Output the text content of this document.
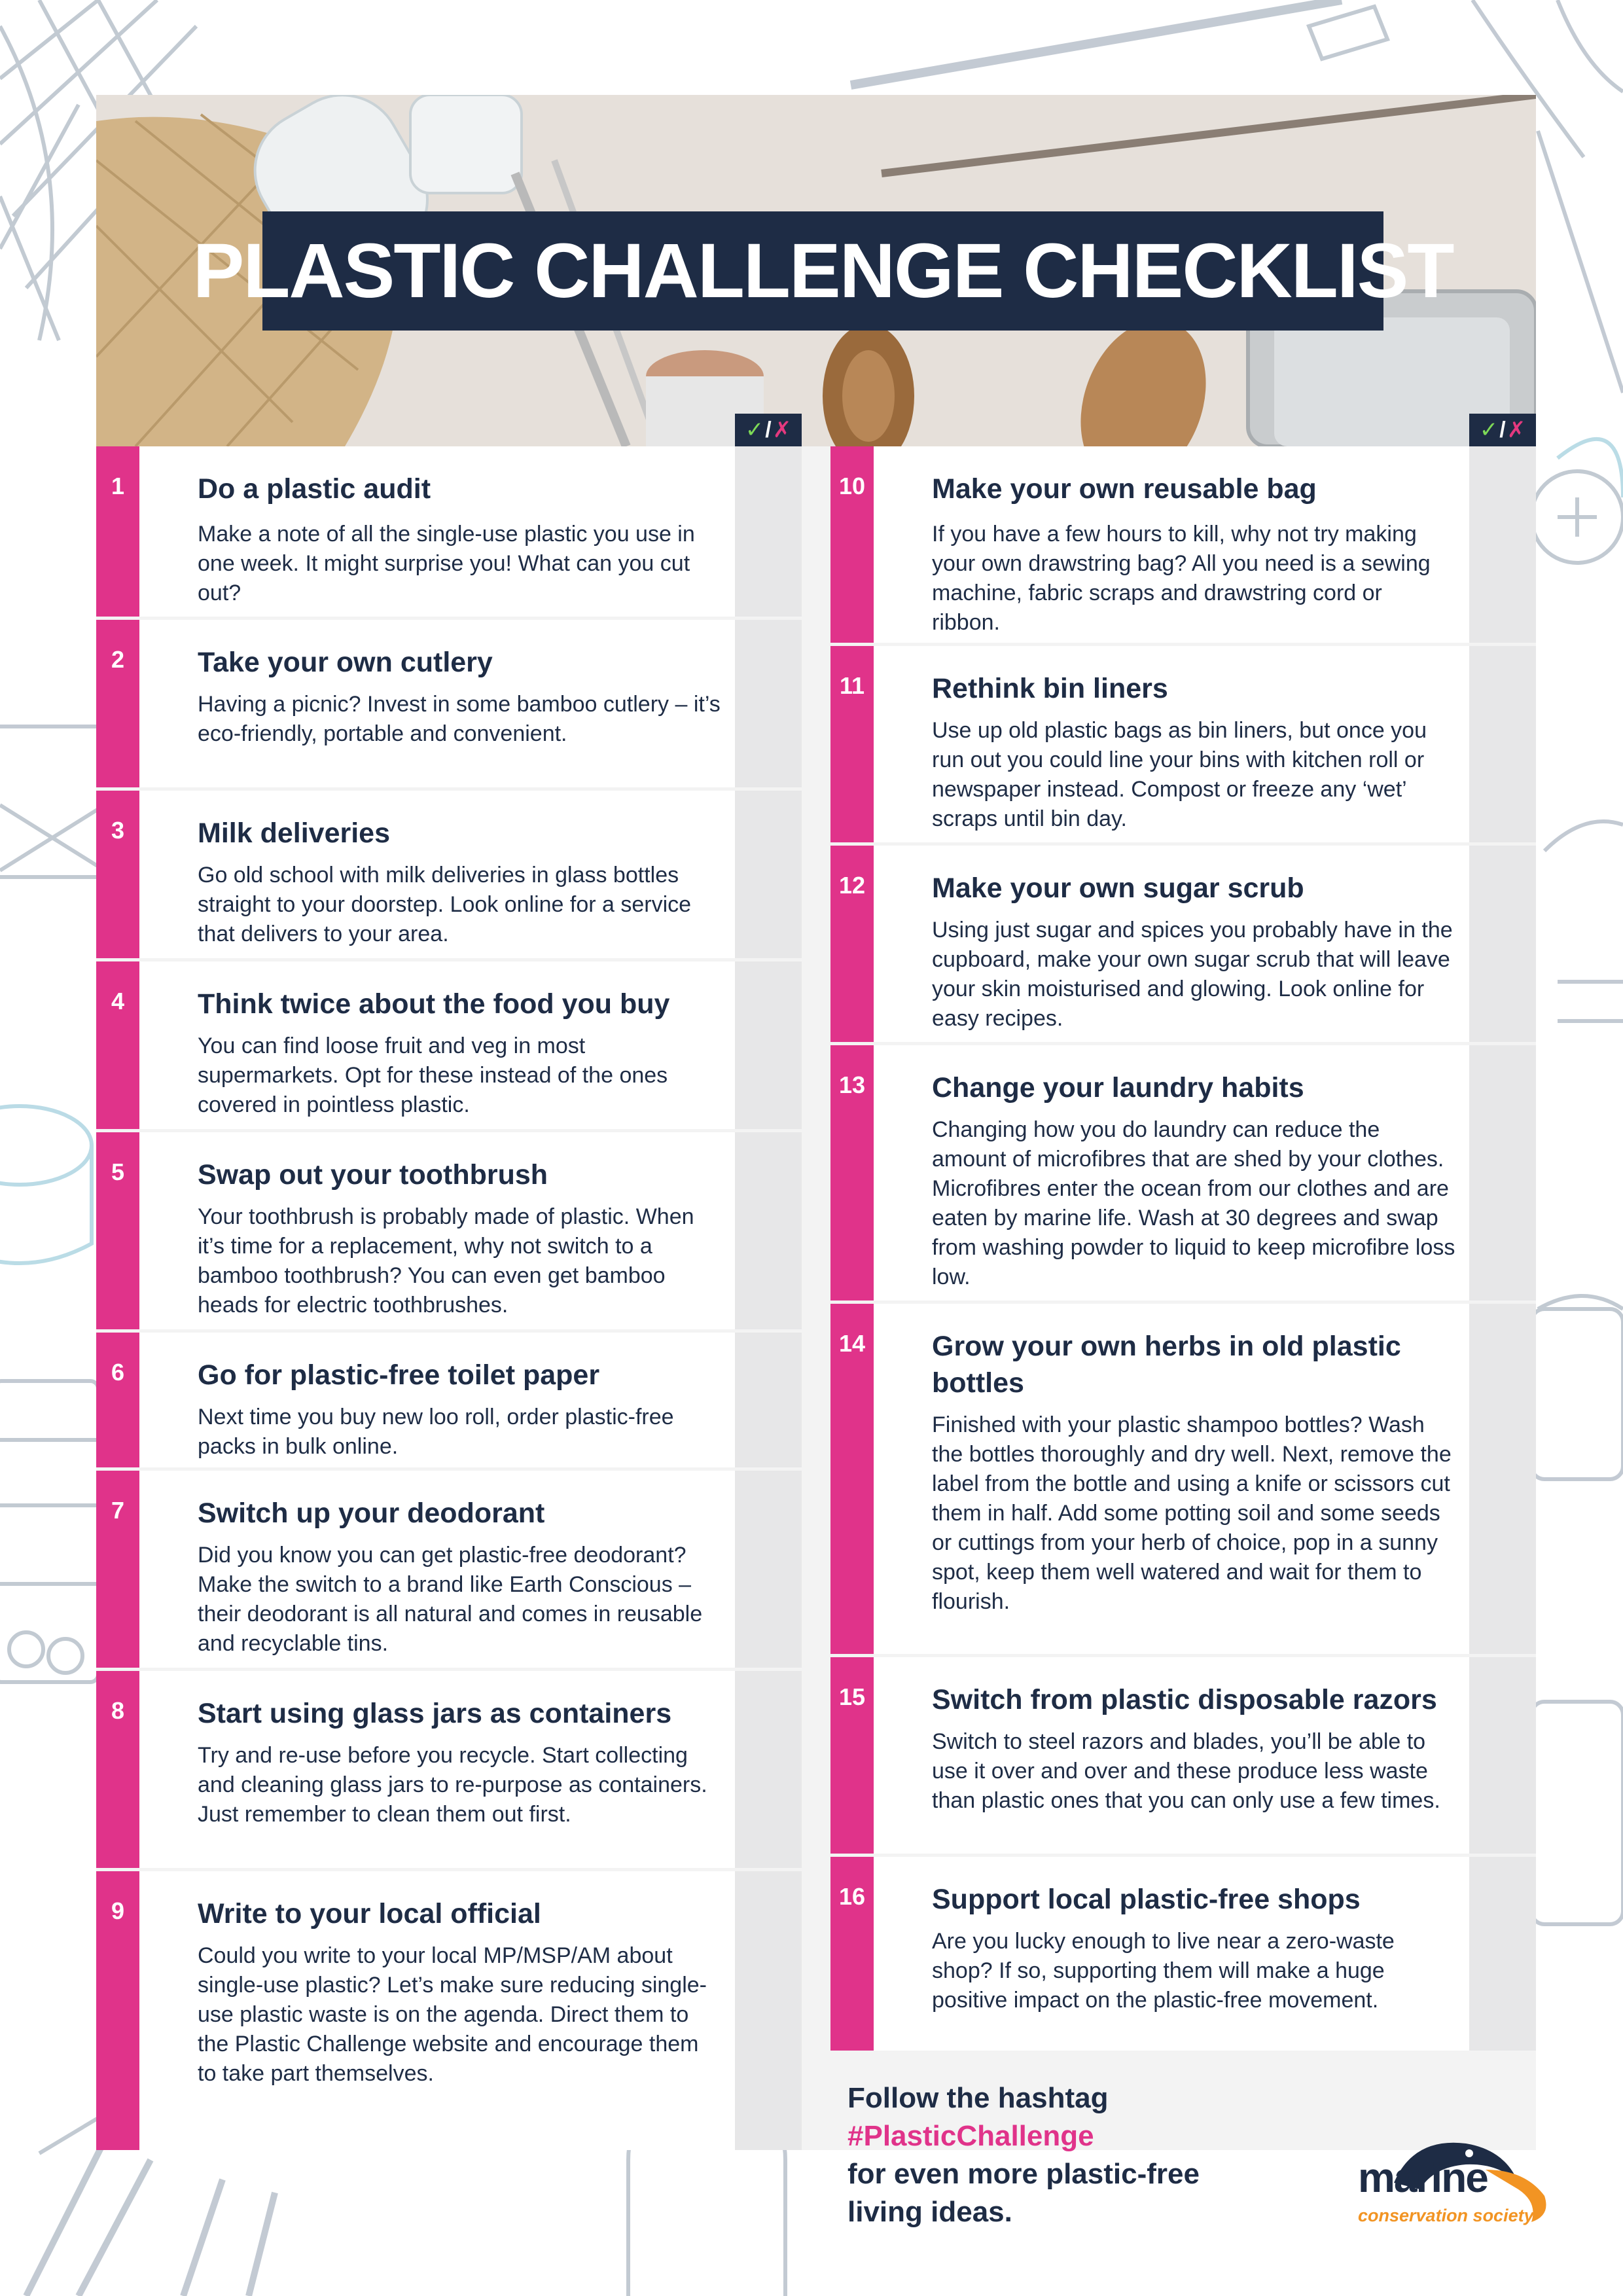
PLASTIC CHALLENGE CHECKLIST
✓ / ✗	✓ / ✗
1	Do a plastic audit
Make a note of all the single-use plastic you use in one week. It might surprise you! What can you cut out?
2	Take your own cutlery
Having a picnic? Invest in some bamboo cutlery – it’s eco-friendly, portable and convenient.
3	Milk deliveries
Go old school with milk deliveries in glass bottles straight to your doorstep. Look online for a service that delivers to your area.
4	Think twice about the food you buy
You can find loose fruit and veg in most supermarkets. Opt for these instead of the ones covered in pointless plastic.
5	Swap out your toothbrush
Your toothbrush is probably made of plastic. When it’s time for a replacement, why not switch to a bamboo toothbrush? You can even get bamboo heads for electric toothbrushes.
6	Go for plastic-free toilet paper
Next time you buy new loo roll, order plastic-free packs in bulk online.
7	Switch up your deodorant
Did you know you can get plastic-free deodorant? Make the switch to a brand like Earth Conscious – their deodorant is all natural and comes in reusable and recyclable tins.
8	Start using glass jars as containers
Try and re-use before you recycle. Start collecting and cleaning glass jars to re-purpose as containers. Just remember to clean them out first.
9	Write to your local official
Could you write to your local MP/MSP/AM about single-use plastic? Let’s make sure reducing single-use plastic waste is on the agenda. Direct them to the Plastic Challenge website and encourage them to take part themselves.
10	Make your own reusable bag
If you have a few hours to kill, why not try making your own drawstring bag? All you need is a sewing machine, fabric scraps and drawstring cord or ribbon.
11	Rethink bin liners
Use up old plastic bags as bin liners, but once you run out you could line your bins with kitchen roll or newspaper instead. Compost or freeze any ‘wet’ scraps until bin day.
12	Make your own sugar scrub
Using just sugar and spices you probably have in the cupboard, make your own sugar scrub that will leave your skin moisturised and glowing. Look online for easy recipes.
13	Change your laundry habits
Changing how you do laundry can reduce the amount of microfibres that are shed by your clothes. Microfibres enter the ocean from our clothes and are eaten by marine life. Wash at 30 degrees and swap from washing powder to liquid to keep microfibre loss low.
14	Grow your own herbs in old plastic bottles
Finished with your plastic shampoo bottles? Wash the bottles thoroughly and dry well. Next, remove the label from the bottle and using a knife or scissors cut them in half. Add some potting soil and some seeds or cuttings from your herb of choice, pop in a sunny spot, keep them well watered and wait for them to flourish.
15	Switch from plastic disposable razors
Switch to steel razors and blades, you’ll be able to use it over and over and these produce less waste than plastic ones that you can only use a few times.
16	Support local plastic-free shops
Are you lucky enough to live near a zero-waste shop? If so, supporting them will make a huge positive impact on the plastic-free movement.
Follow the hashtag #PlasticChallenge
for even more plastic-free
living ideas.
marine
conservation society
